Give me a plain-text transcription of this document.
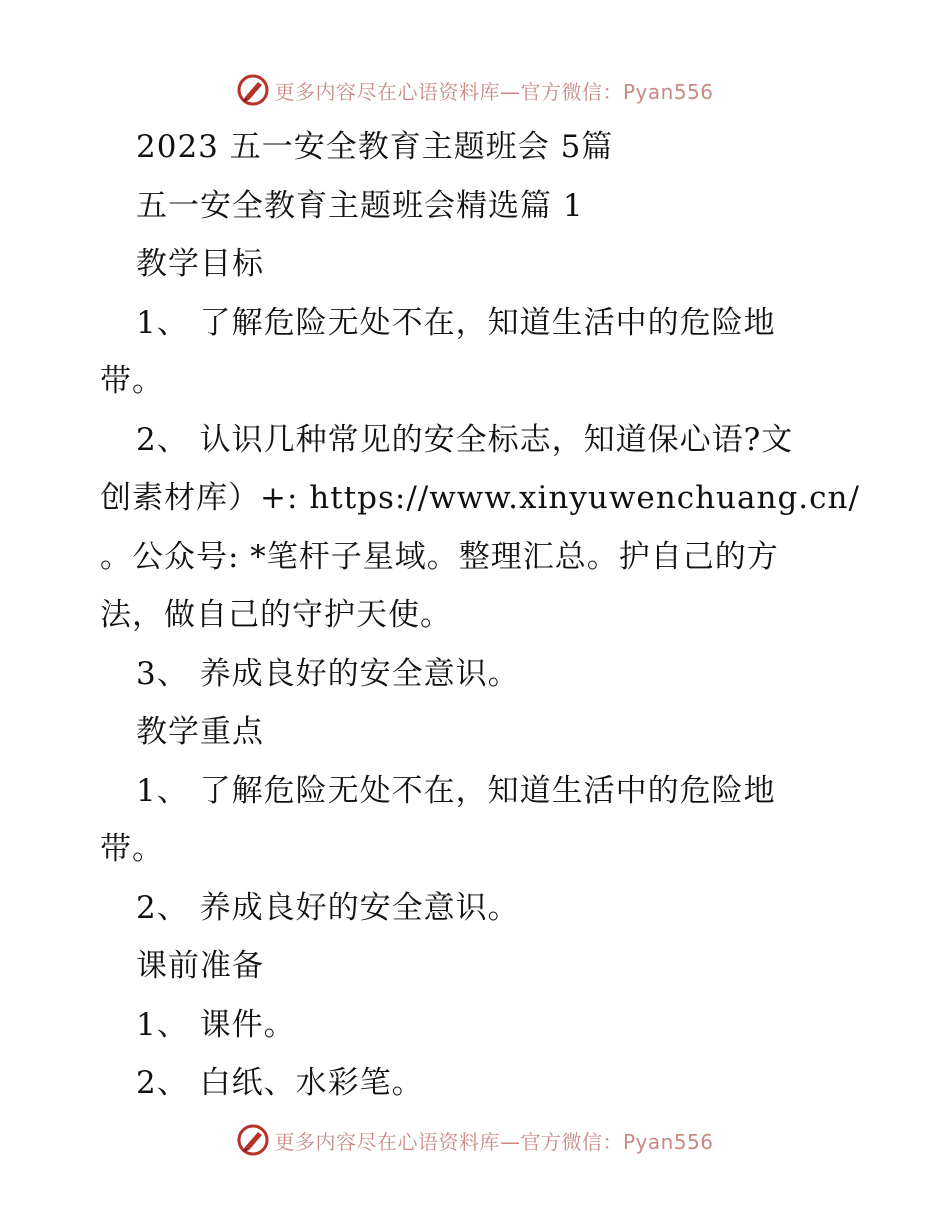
更多内容尽在心语资料库—官方微信：Pyan556
2023 五一安全教育主题班会 5篇
五一安全教育主题班会精选篇 1
教学目标
1、 了解危险无处不在，知道生活中的危险地
带。
2、 认识几种常见的安全标志，知道保心语?文
创素材库）+: https://www.xinyuwenchuang.cn/
。公众号: *笔杆子星域。整理汇总。护自己的方
法，做自己的守护天使。
3、 养成良好的安全意识。
教学重点
1、 了解危险无处不在，知道生活中的危险地
带。
2、 养成良好的安全意识。
课前准备
1、 课件。
2、 白纸、水彩笔。
更多内容尽在心语资料库—官方微信：Pyan556
